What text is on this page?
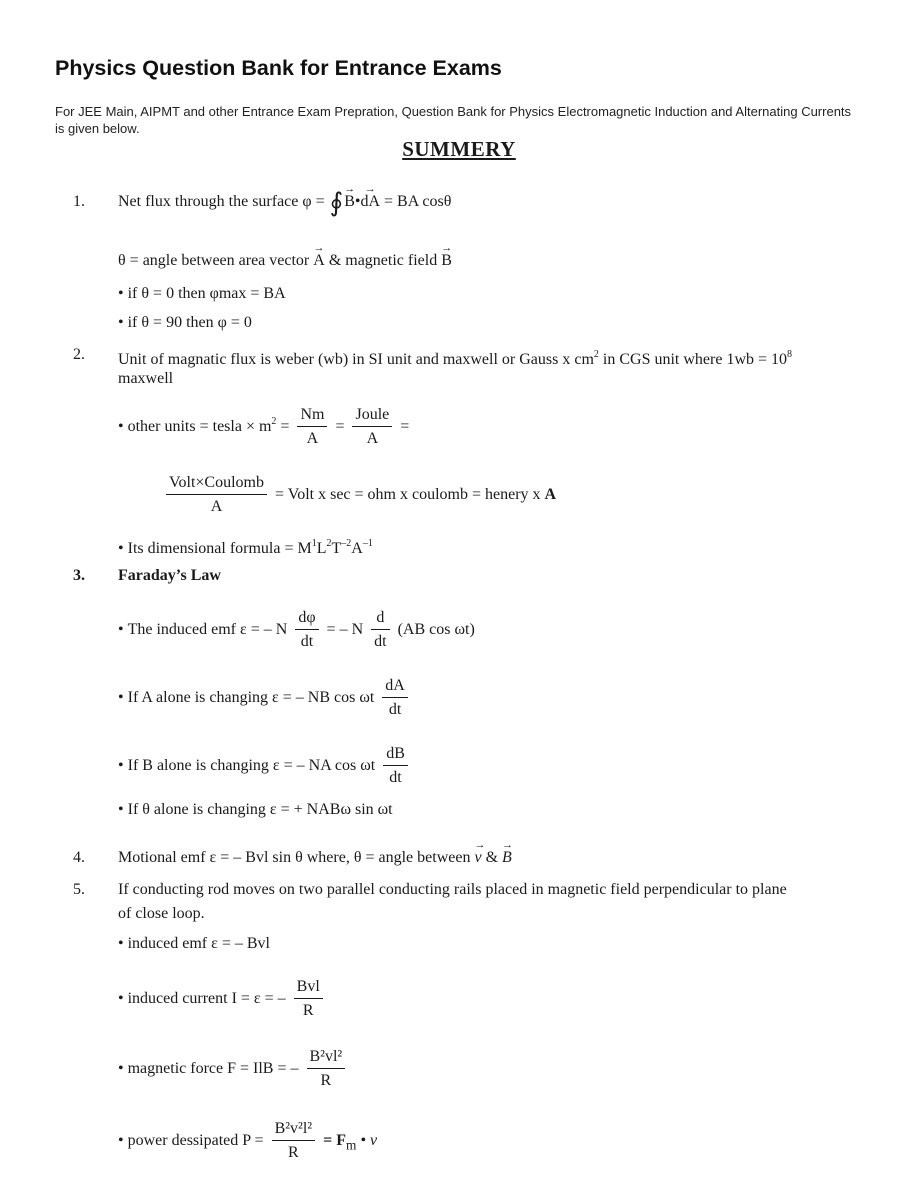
Physics Question Bank for Entrance Exams

For JEE Main, AIPMT and other Entrance Exam Prepration, Question Bank for Physics Electromagnetic Induction and Alternating Currents is given below.

SUMMERY
1. Net flux through the surface φ = ∮ →
B•
→
dA = BA cosθ
θ = angle between area vector
→
A & magnetic field
→
B
• if θ = 0 then φmax = BA
• if θ = 90 then φ = 0
2. Unit of magnatic flux is weber (wb) in SI unit and maxwell or Gauss x $cm^2$ in CGS unit where $1wb = 10^8$
maxwell
• other units = tesla × $m^2 = \frac{Nm}{A} = \frac{\text{Joule}}{A}$ =
$\frac{\text{Volt×Coulomb}}{A}$ = Volt x sec = ohm x coulomb = henery x A
• Its dimensional formula = $M^1L^2T^{-2}A^{-1}$
3. Faraday’s Law
• The induced emf ε = – N $\frac{d\varphi}{dt}$ = – N $\frac{d}{dt} (AB$ cos ωt)
• If A alone is changing ε = – NB cos ωt $\frac{dA}{dt}$
• If B alone is changing ε = – NA cos ωt $\frac{dB}{dt}$
• If θ alone is changing ε = + NABω sin ωt
4. Motional emf ε = – Bvl sin θ where, θ = angle between
→
v &
→
B
5. If conducting rod moves on two parallel conducting rails placed in magnetic field perpendicular to plane
of close loop.
• induced emf ε = – Bvl
• induced current I = ε = – $\frac{\text{Bvl}}{R}$
• magnetic force F = IlB = – $\frac{\text{B²vl²}}{R}$
• power dessipated $P = \frac{\text{B²v²l²}}{R} = F_m$ • v
